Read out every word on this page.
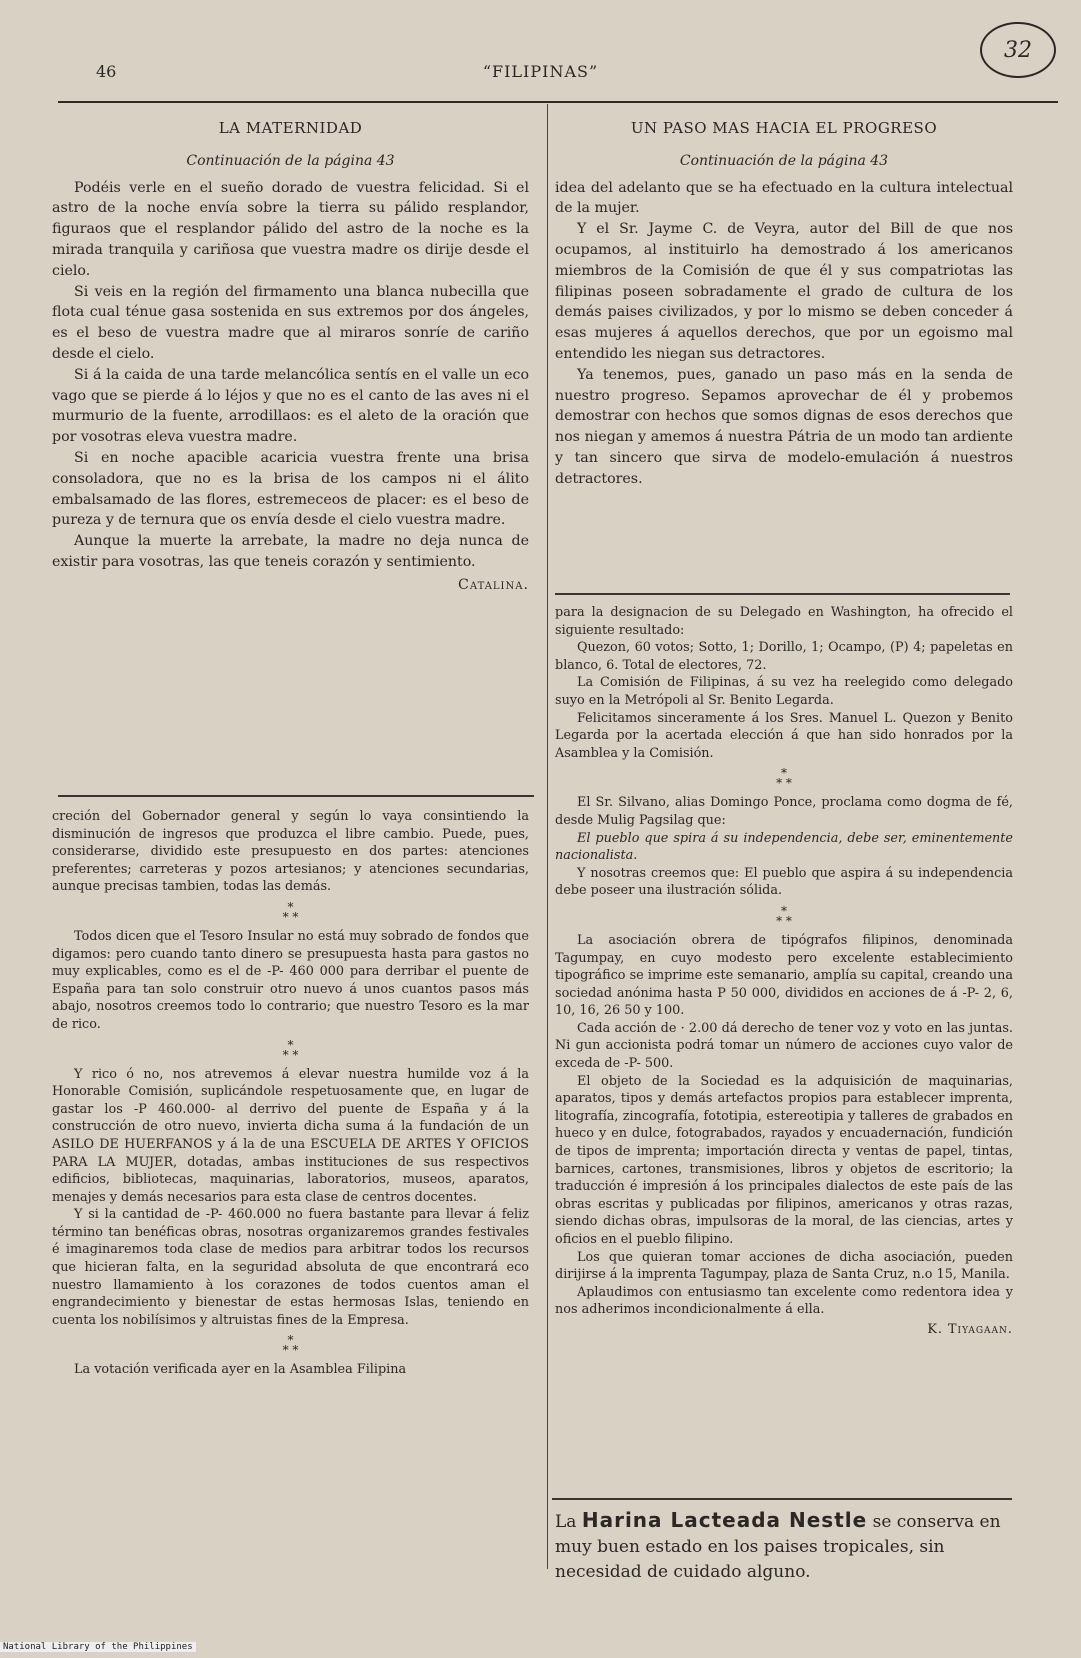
46	“FILIPINAS”
32
LA MATERNIDAD
Continuación de la página 43

Podéis verle en el sueño dorado de vuestra felicidad. Si el astro de la noche envía sobre la tierra su pálido resplandor, figuraos que el resplandor pálido del astro de la noche es la mirada tranquila y cariñosa que vuestra madre os dirije desde el cielo.

Si veis en la región del firmamento una blanca nubecilla que flota cual ténue gasa sostenida en sus extremos por dos ángeles, es el beso de vuestra madre que al miraros sonríe de cariño desde el cielo.

Si á la caida de una tarde melancólica sentís en el valle un eco vago que se pierde á lo léjos y que no es el canto de las aves ni el murmurio de la fuente, arrodillaos: es el aleto de la oración que por vosotras eleva vuestra madre.

Si en noche apacible acaricia vuestra frente una brisa consoladora, que no es la brisa de los campos ni el álito embalsamado de las flores, estremeceos de placer: es el beso de pureza y de ternura que os envía desde el cielo vuestra madre.

Aunque la muerte la arrebate, la madre no deja nunca de existir para vosotras, las que teneis corazón y sentimiento.

Catalina.

creción del Gobernador general y según lo vaya consintiendo la disminución de ingresos que produzca el libre cambio. Puede, pues, considerarse, dividido este presupuesto en dos partes: atenciones preferentes; carreteras y pozos artesianos; y atenciones secundarias, aunque precisas tambien, todas las demás.

*
* *

Todos dicen que el Tesoro Insular no está muy sobrado de fondos que digamos: pero cuando tanto dinero se presupuesta hasta para gastos no muy explicables, como es el de -P- 460 000 para derribar el puente de España para tan solo construir otro nuevo á unos cuantos pasos más abajo, nosotros creemos todo lo contrario; que nuestro Tesoro es la mar de rico.

*
* *

Y rico ó no, nos atrevemos á elevar nuestra humilde voz á la Honorable Comisión, suplicándole respetuosamente que, en lugar de gastar los -P 460.000- al derrivo del puente de España y á la construcción de otro nuevo, invierta dicha suma á la fundación de un ASILO DE HUERFANOS y á la de una ESCUELA DE ARTES Y OFICIOS PARA LA MUJER, dotadas, ambas instituciones de sus respectivos edificios, bibliotecas, maquinarias, laboratorios, museos, aparatos, menajes y demás necesarios para esta clase de centros docentes.

Y si la cantidad de -P- 460.000 no fuera bastante para llevar á feliz término tan benéficas obras, nosotras organizaremos grandes festivales é imaginaremos toda clase de medios para arbitrar todos los recursos que hicieran falta, en la seguridad absoluta de que encontrará eco nuestro llamamiento à los corazones de todos cuentos aman el engrandecimiento y bienestar de estas hermosas Islas, teniendo en cuenta los nobilísimos y altruistas fines de la Empresa.

*
* *

La votación verificada ayer en la Asamblea Filipina

UN PASO MAS HACIA EL PROGRESO
Continuación de la página 43

idea del adelanto que se ha efectuado en la cultura intelectual de la mujer.

Y el Sr. Jayme C. de Veyra, autor del Bill de que nos ocupamos, al instituirlo ha demostrado á los americanos miembros de la Comisión de que él y sus compatriotas las filipinas poseen sobradamente el grado de cultura de los demás paises civilizados, y por lo mismo se deben conceder á esas mujeres á aquellos derechos, que por un egoismo mal entendido les niegan sus detractores.

Ya tenemos, pues, ganado un paso más en la senda de nuestro progreso. Sepamos aprovechar de él y probemos demostrar con hechos que somos dignas de esos derechos que nos niegan y amemos á nuestra Pátria de un modo tan ardiente y tan sincero que sirva de modelo-emulación á nuestros detractores.

para la designacion de su Delegado en Washington, ha ofrecido el siguiente resultado:

Quezon, 60 votos; Sotto, 1; Dorillo, 1; Ocampo, (P) 4; papeletas en blanco, 6. Total de electores, 72.

La Comisión de Filipinas, á su vez ha reelegido como delegado suyo en la Metrópoli al Sr. Benito Legarda.

Felicitamos sinceramente á los Sres. Manuel L. Quezon y Benito Legarda por la acertada elección á que han sido honrados por la Asamblea y la Comisión.

*
* *

El Sr. Silvano, alias Domingo Ponce, proclama como dogma de fé, desde Mulig Pagsilag que:

El pueblo que spira á su independencia, debe ser, eminentemente nacionalista.

Y nosotras creemos que: El pueblo que aspira á su independencia debe poseer una ilustración sólida.

*
* *

La asociación obrera de tipógrafos filipinos, denominada Tagumpay, en cuyo modesto pero excelente establecimiento tipográfico se imprime este semanario, amplía su capital, creando una sociedad anónima hasta P 50 000, divididos en acciones de á -P- 2, 6, 10, 16, 26 50 y 100.

Cada acción de · 2.00 dá derecho de tener voz y voto en las juntas. Ni gun accionista podrá tomar un número de acciones cuyo valor de exceda de -P- 500.

El objeto de la Sociedad es la adquisición de maquinarias, aparatos, tipos y demás artefactos propios para establecer imprenta, litografía, zincografía, fototipia, estereotipia y talleres de grabados en hueco y en dulce, fotograbados, rayados y encuadernación, fundición de tipos de imprenta; importación directa y ventas de papel, tintas, barnices, cartones, transmisiones, libros y objetos de escritorio; la traducción é impresión á los principales dialectos de este país de las obras escritas y publicadas por filipinos, americanos y otras razas, siendo dichas obras, impulsoras de la moral, de las ciencias, artes y oficios en el pueblo filipino.

Los que quieran tomar acciones de dicha asociación, pueden dirijirse á la imprenta Tagumpay, plaza de Santa Cruz, n.o 15, Manila.

Aplaudimos con entusiasmo tan excelente como redentora idea y nos adherimos incondicionalmente á ella.

K. Tiyagaan.
La Harina Lacteada Nestle se conserva en muy buen estado en los paises tropicales, sin necesidad de cuidado alguno.
National Library of the Philippines
